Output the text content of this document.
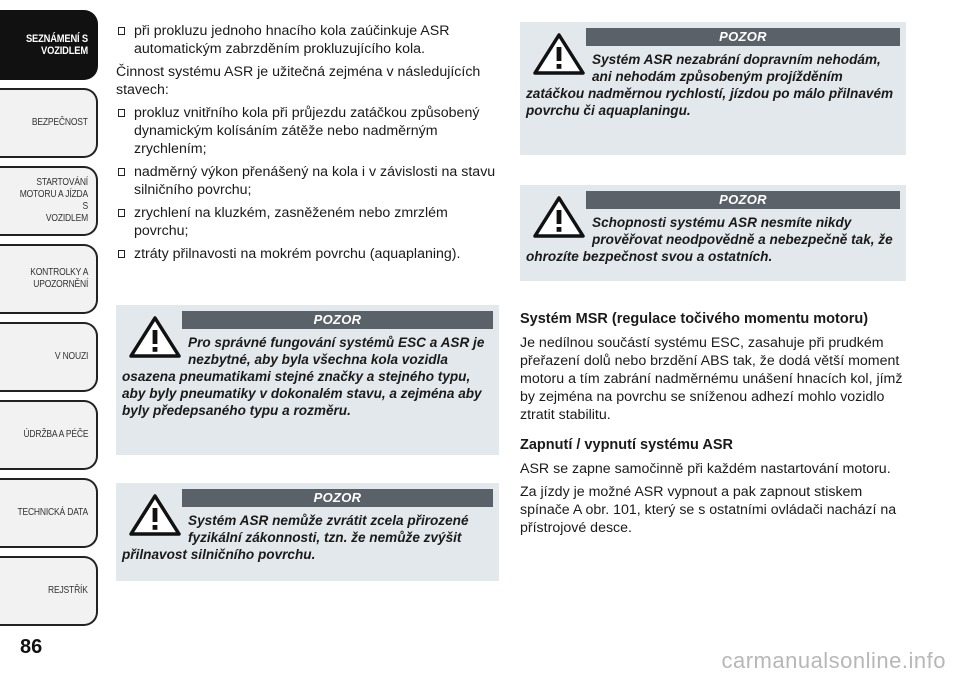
SEZNÁMENÍ S
VOZIDLEM
BEZPEČNOST
STARTOVÁNÍ
MOTORU A JÍZDA S
VOZIDLEM
KONTROLKY A
UPOZORNĚNÍ
V NOUZI
ÚDRŽBA A PÉČE
TECHNICKÁ DATA
REJSTŘÍK
86
při prokluzu jednoho hnacího kola zaúčinkuje ASR automatickým zabrzděním prokluzujícího kola.

Činnost systému ASR je užitečná zejména v následujících stavech:

prokluz vnitřního kola při průjezdu zatáčkou způsobený dynamickým kolísáním zátěže nebo nadměrným zrychlením;
nadměrný výkon přenášený na kola i v závislosti na stavu silničního povrchu;
zrychlení na kluzkém, zasněženém nebo zmrzlém povrchu;
ztráty přilnavosti na mokrém povrchu (aquaplaning).
POZOR
Pro správné fungování systémů ESC a ASR je nezbytné, aby byla všechna kola vozidla osazena pneumatikami stejné značky a stejného typu, aby byly pneumatiky v dokonalém stavu, a zejména aby byly předepsaného typu a rozměru.
POZOR
Systém ASR nemůže zvrátit zcela přirozené fyzikální zákonnosti, tzn. že nemůže zvýšit přilnavost silničního povrchu.
POZOR
Systém ASR nezabrání dopravním nehodám, ani nehodám způsobeným projížděním zatáčkou nadměrnou rychlostí, jízdou po málo přilnavém povrchu či aquaplaningu.
POZOR
Schopnosti systému ASR nesmíte nikdy prověřovat neodpovědně a nebezpečně tak, že ohrozíte bezpečnost svou a ostatních.
Systém MSR (regulace točivého momentu motoru)

Je nedílnou součástí systému ESC, zasahuje při prudkém přeřazení dolů nebo brzdění ABS tak, že dodá větší moment motoru a tím zabrání nadměrnému unášení hnacích kol, jímž by zejména na povrchu se sníženou adhezí mohlo vozidlo ztratit stabilitu.

Zapnutí / vypnutí systému ASR

ASR se zapne samočinně při každém nastartování motoru.

Za jízdy je možné ASR vypnout a pak zapnout stiskem spínače A obr. 101, který se s ostatními ovládači nachází na přístrojové desce.

carmanualsonline.info
